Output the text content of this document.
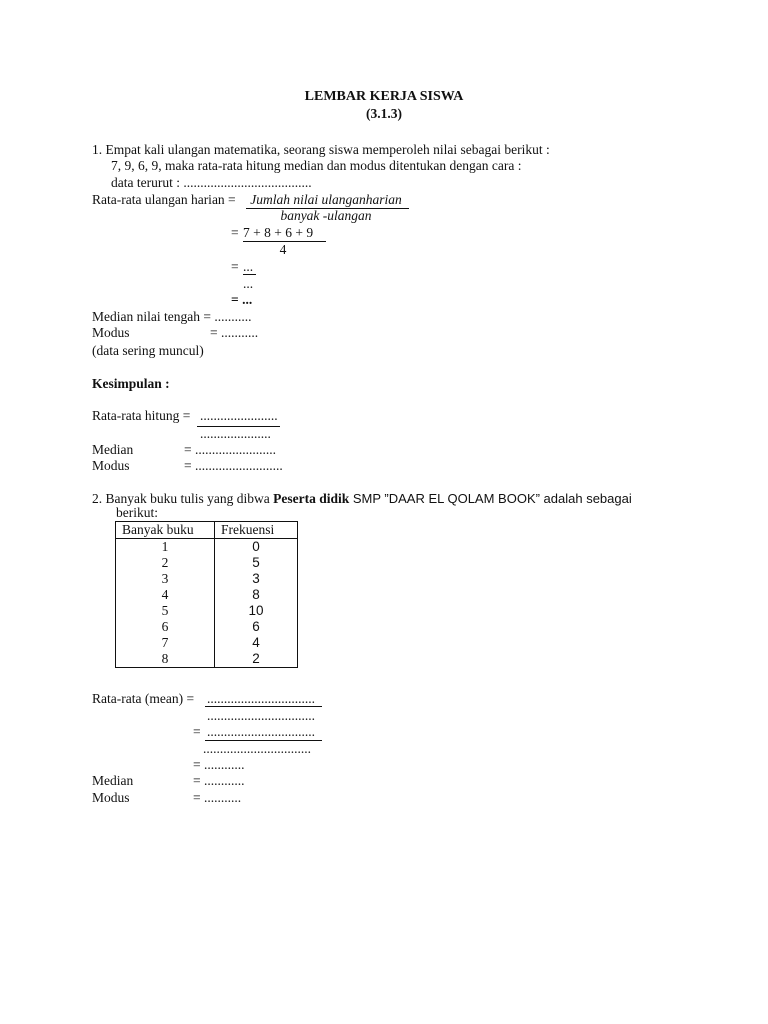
LEMBAR KERJA SISWA
(3.1.3)
1. Empat kali ulangan matematika, seorang siswa memperoleh nilai sebagai berikut :
7, 9, 6, 9, maka rata-rata hitung median dan modus ditentukan dengan cara :
data terurut : ......................................
Rata-rata ulangan harian =	Jumlah nilai ulanganharian
banyak -ulangan
= 7 + 8 + 6 + 9
4
= ...
...
= ...
Median nilai tengah = ...........
Modus	= ...........
(data sering muncul)
Kesimpulan :
Rata-rata hitung = .......................
.....................
Median	= ........................
Modus	= ..........................
2. Banyak buku tulis yang dibwa Peserta didik SMP ”DAAR EL QOLAM BOOK” adalah sebagai
berikut:
Banyak buku	Frekuensi
1	0
2	5
3	3
4	8
5	10
6	6
7	4
8	2
Rata-rata (mean) = ................................
................................
= ................................
................................
= ............
Median	= ............
Modus	= ...........
